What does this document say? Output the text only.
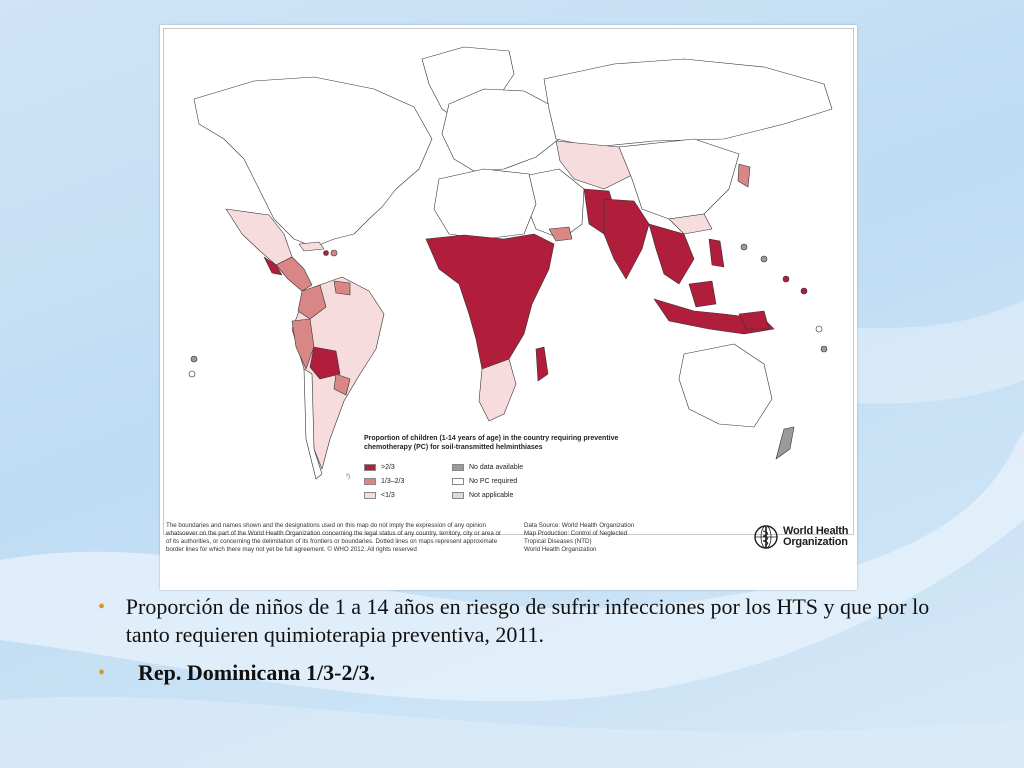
Proportion of children (1-14 years of age) in the country requiring preventive chemotherapy (PC) for soil-transmitted helminthiases
>2/3
1/3–2/3
<1/3
No data available
No PC required
Not applicable
²)
The boundaries and names shown and the designations used on this map do not imply the expression of any opinion whatsoever on the part of the World Health Organization concerning the legal status of any country, territory, city or area or of its authorities, or concerning the delimitation of its frontiers or boundaries. Dotted lines on maps represent approximate border lines for which there may not yet be full agreement. © WHO 2012. All rights reserved
Data Source: World Health Organization
Map Production: Control of Neglected
Tropical Diseases (NTD)
World Health Organization
World Health
Organization
• Proporción de niños de 1 a 14 años en riesgo de sufrir infecciones por los HTS y que por lo tanto requieren quimioterapia preventiva, 2011.
•	Rep. Dominicana 1/3-2/3.
